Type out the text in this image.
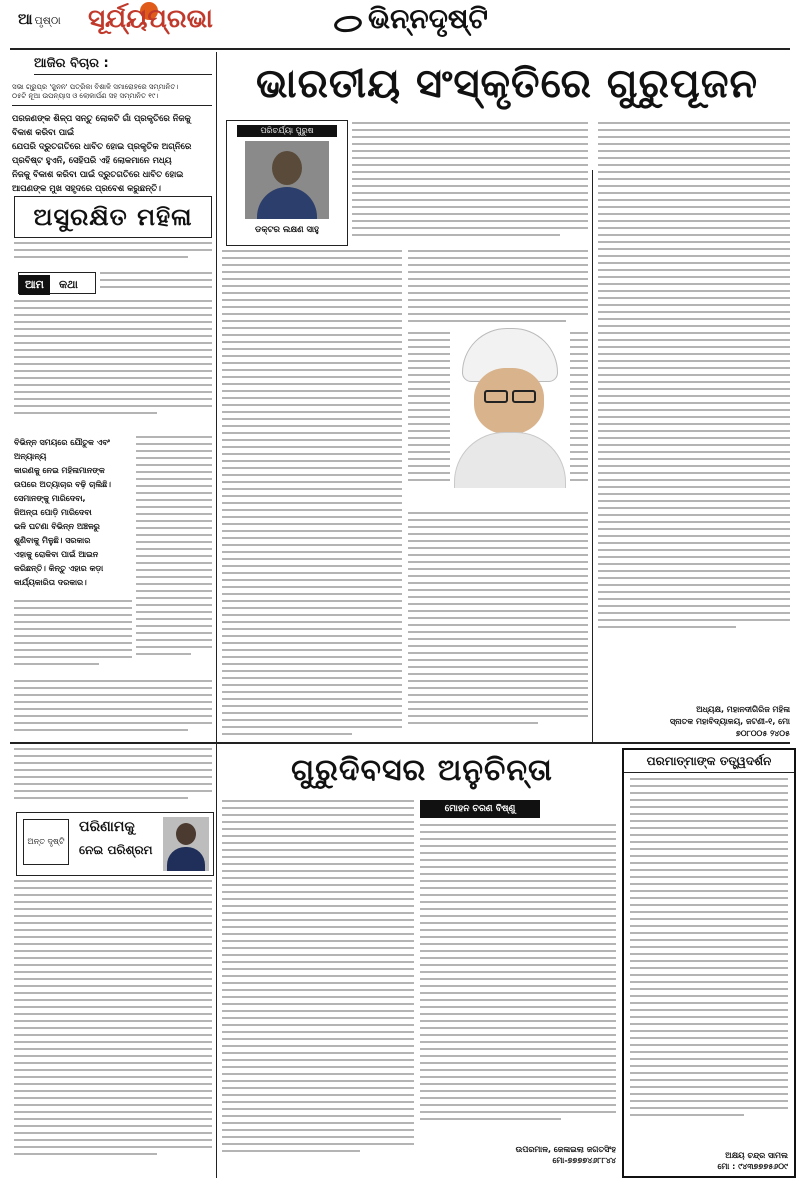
ଆ ପୃଷ୍ଠା ସୂର୍ଯ୍ୟପ୍ରଭା	ଭିନ୍ନଦୃଷ୍ଟି
ଆଜିର ବିଚାର :
ସଭା ଗ୍ରୁପ୍‌ର 'ଜୁନନ' ପତ୍ରିକା ବିଶାଳି ସମାରୋହରେ ସମ୍ମାନିତ।
୦୫ଟି ନୂଆ ଉପନ୍ୟାସ ଓ ଲୋକାର୍ପଣ ସହ ସମ୍ମାନିତ ୧୯।
ପରଜଣଙ୍କ ଶିଳ୍ପ ସନ୍ତୁ ଲୋକଟି ଗାଁ ପ୍ରକୃତିରେ ନିଜକୁ ବିକାଶ କରିବା ପାଇଁ
ଯେପରି ଦ୍ରୁତଗତିରେ ଧାବିତ ହୋଇ ପ୍ରକୃତିକ ଅଗ୍ନିରେ
ପ୍ରବିଷ୍ଟ ହୁଏନି, ସେହିପରି ଏହି ଲୋକମାନେ ମଧ୍ୟ
ନିଜକୁ ବିକାଶ କରିବା ପାଇଁ ଦ୍ରୁତଗତିରେ ଧାବିତ ହୋଇ
ଆପଣଙ୍କ ମୁଖ ସହୃଦରେ ପ୍ରବେଶ କରୁଛନ୍ତି।
ଅସୁରକ୍ଷିତ ମହିଳା
ଆମ କଥା
ବିଭିନ୍ନ ସମୟରେ ଯୌତୁକ ଏବଂ ଅନ୍ୟାନ୍ୟ
କାରଣକୁ ନେଇ ମହିଳାମାନଙ୍କ
ଉପରେ ଅତ୍ୟାଚାର ବଢ଼ି ଚାଲିଛି।
ସେମାନଙ୍କୁ ମାରିଦେବା,
ଜିଅନ୍ତା ପୋଡ଼ି ମାରିଦେବା
ଭଳି ଘଟଣା ବିଭିନ୍ନ ଅଞ୍ଚଳରୁ
ଶୁଣିବାକୁ ମିଳୁଛି। ସରକାର
ଏହାକୁ ରୋକିବା ପାଇଁ ଆଇନ
କରିଛନ୍ତି। କିନ୍ତୁ ଏହାର କଡ଼ା
କାର୍ଯ୍ୟକାରିତା ଦରକାର।
ଭାରତୀୟ ସଂସ୍କୃତିରେ ଗୁରୁପୂଜନ
ପରିଚର୍ଯ୍ୟା ପୁରୁଷ
ଡକ୍ଟର ଲକ୍ଷଣ ସାହୁ
ଅଧ୍ୟକ୍ଷ, ମହାନଦୀଗିରିଜ ମହିଳା
ସ୍ନାତକ ମହାବିଦ୍ୟାଳୟ, ଜଟଣୀ-୧, ମୋ
୭୦୮୦୦୫ ୨୪୦୫
ଅନ୍ତ ଦୃଷ୍ଟି
ପରିଣାମକୁ
ନେଇ ପରିଶ୍ରମ
ଗୁରୁଦିବସର ଅନୁଚିନ୍ତା
ମୋହନ ଚରଣ ବିଷ୍ଣୁ
ଉପରମାଳ, ଜେଳାଇଲା ଜଗତସିଂହ
ମୋ-୭୭୭୭୪୬୮୮୪୪
ପରମାତ୍ମାଙ୍କ ତତ୍ତ୍ୱଦର୍ଶନ
ଅକ୍ଷୟ ଚନ୍ଦ୍ର ସାମଲ
ମୋ : ୯୪୩୭୭୭୫୬୦୯
